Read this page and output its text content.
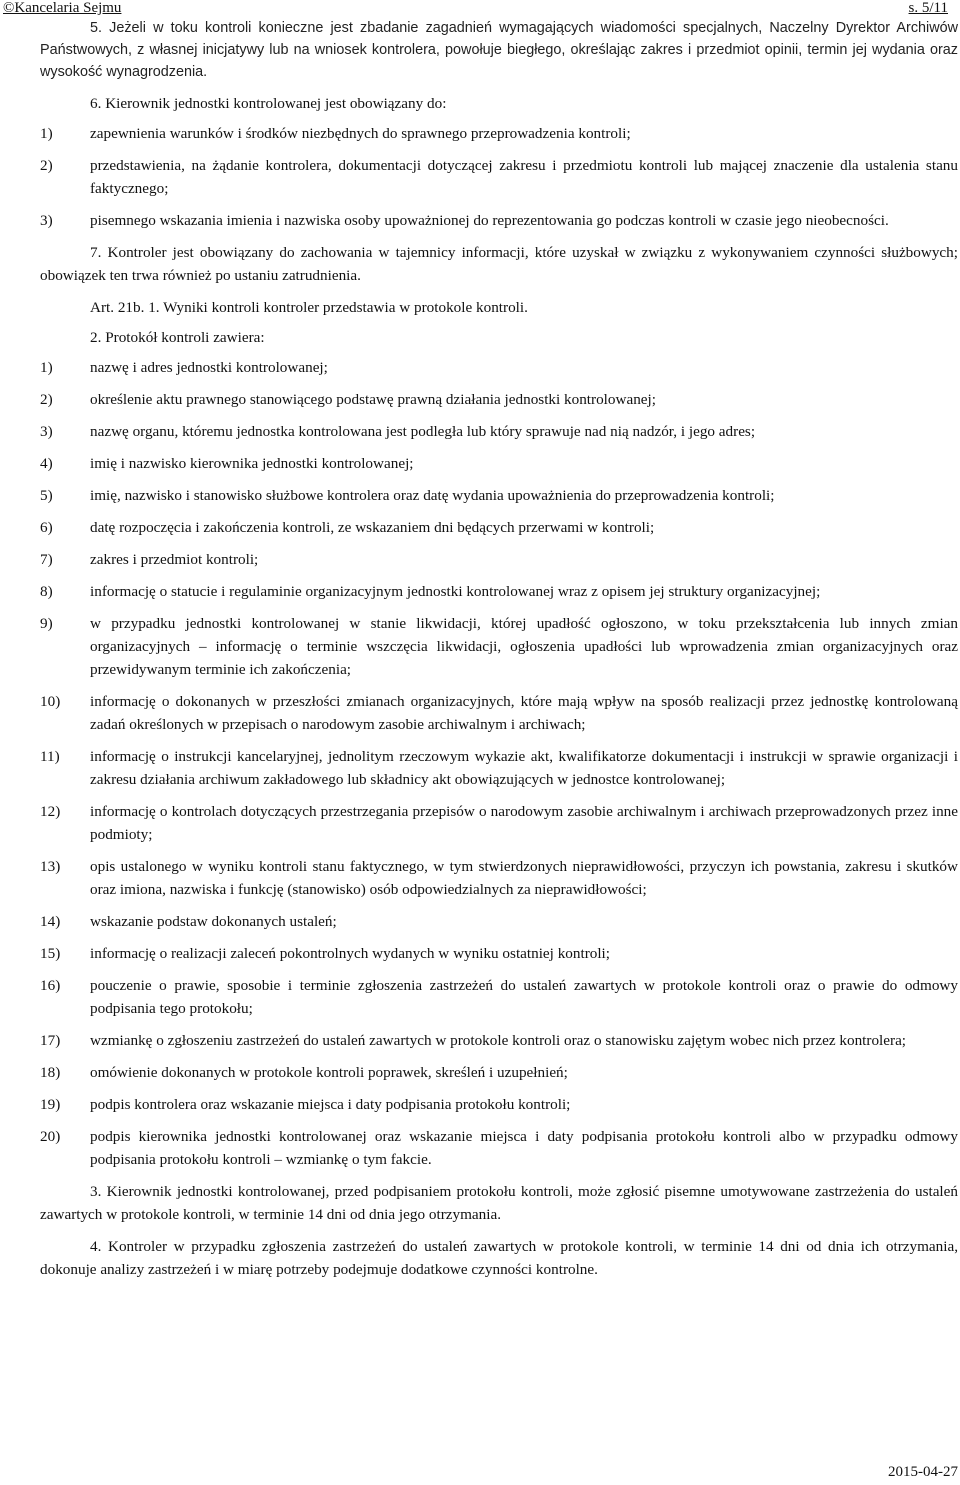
©Kancelaria Sejmu	s. 5/11

5. Jeżeli w toku kontroli konieczne jest zbadanie zagadnień wymagających wiadomości specjalnych, Naczelny Dyrektor Archiwów Państwowych, z własnej inicjatywy lub na wniosek kontrolera, powołuje biegłego, określając zakres i przedmiot opinii, termin jej wydania oraz wysokość wynagrodzenia.

6. Kierownik jednostki kontrolowanej jest obowiązany do:

1) zapewnienia warunków i środków niezbędnych do sprawnego przeprowadzenia kontroli;
2) przedstawienia, na żądanie kontrolera, dokumentacji dotyczącej zakresu i przedmiotu kontroli lub mającej znaczenie dla ustalenia stanu faktycznego;
3) pisemnego wskazania imienia i nazwiska osoby upoważnionej do reprezentowania go podczas kontroli w czasie jego nieobecności.

7. Kontroler jest obowiązany do zachowania w tajemnicy informacji, które uzyskał w związku z wykonywaniem czynności służbowych; obowiązek ten trwa również po ustaniu zatrudnienia.

Art. 21b. 1. Wyniki kontroli kontroler przedstawia w protokole kontroli.

2. Protokół kontroli zawiera:

1) nazwę i adres jednostki kontrolowanej;
2) określenie aktu prawnego stanowiącego podstawę prawną działania jednostki kontrolowanej;
3) nazwę organu, któremu jednostka kontrolowana jest podległa lub który sprawuje nad nią nadzór, i jego adres;
4) imię i nazwisko kierownika jednostki kontrolowanej;
5) imię, nazwisko i stanowisko służbowe kontrolera oraz datę wydania upoważnienia do przeprowadzenia kontroli;
6) datę rozpoczęcia i zakończenia kontroli, ze wskazaniem dni będących przerwami w kontroli;
7) zakres i przedmiot kontroli;
8) informację o statucie i regulaminie organizacyjnym jednostki kontrolowanej wraz z opisem jej struktury organizacyjnej;
9) w przypadku jednostki kontrolowanej w stanie likwidacji, której upadłość ogłoszono, w toku przekształcenia lub innych zmian organizacyjnych – informację o terminie wszczęcia likwidacji, ogłoszenia upadłości lub wprowadzenia zmian organizacyjnych oraz przewidywanym terminie ich zakończenia;
10) informację o dokonanych w przeszłości zmianach organizacyjnych, które mają wpływ na sposób realizacji przez jednostkę kontrolowaną zadań określonych w przepisach o narodowym zasobie archiwalnym i archiwach;
11) informację o instrukcji kancelaryjnej, jednolitym rzeczowym wykazie akt, kwalifikatorze dokumentacji i instrukcji w sprawie organizacji i zakresu działania archiwum zakładowego lub składnicy akt obowiązujących w jednostce kontrolowanej;
12) informację o kontrolach dotyczących przestrzegania przepisów o narodowym zasobie archiwalnym i archiwach przeprowadzonych przez inne podmioty;
13) opis ustalonego w wyniku kontroli stanu faktycznego, w tym stwierdzonych nieprawidłowości, przyczyn ich powstania, zakresu i skutków oraz imiona, nazwiska i funkcję (stanowisko) osób odpowiedzialnych za nieprawidłowości;
14) wskazanie podstaw dokonanych ustaleń;
15) informację o realizacji zaleceń pokontrolnych wydanych w wyniku ostatniej kontroli;
16) pouczenie o prawie, sposobie i terminie zgłoszenia zastrzeżeń do ustaleń zawartych w protokole kontroli oraz o prawie do odmowy podpisania tego protokołu;
17) wzmiankę o zgłoszeniu zastrzeżeń do ustaleń zawartych w protokole kontroli oraz o stanowisku zajętym wobec nich przez kontrolera;
18) omówienie dokonanych w protokole kontroli poprawek, skreśleń i uzupełnień;
19) podpis kontrolera oraz wskazanie miejsca i daty podpisania protokołu kontroli;
20) podpis kierownika jednostki kontrolowanej oraz wskazanie miejsca i daty podpisania protokołu kontroli albo w przypadku odmowy podpisania protokołu kontroli – wzmiankę o tym fakcie.

3. Kierownik jednostki kontrolowanej, przed podpisaniem protokołu kontroli, może zgłosić pisemne umotywowane zastrzeżenia do ustaleń zawartych w protokole kontroli, w terminie 14 dni od dnia jego otrzymania.

4. Kontroler w przypadku zgłoszenia zastrzeżeń do ustaleń zawartych w protokole kontroli, w terminie 14 dni od dnia ich otrzymania, dokonuje analizy zastrzeżeń i w miarę potrzeby podejmuje dodatkowe czynności kontrolne.

2015-04-27
